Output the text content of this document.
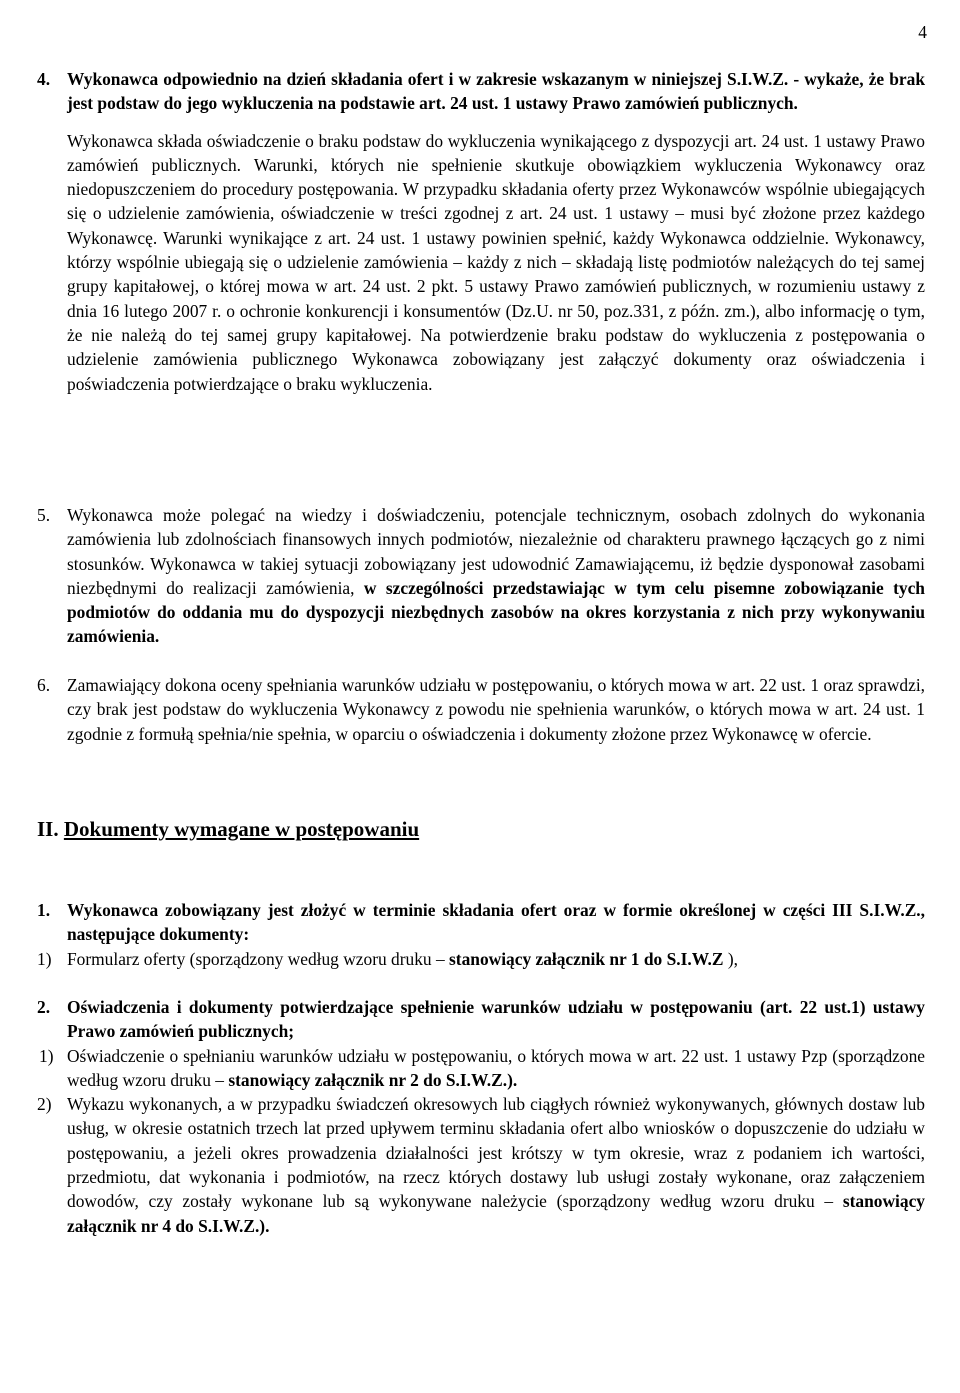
4
4. Wykonawca odpowiednio na dzień składania ofert i w zakresie wskazanym w niniejszej S.I.W.Z. - wykaże, że brak jest podstaw do jego wykluczenia na podstawie art. 24 ust. 1 ustawy Prawo zamówień publicznych.

Wykonawca składa oświadczenie o braku podstaw do wykluczenia wynikającego z dyspozycji art. 24 ust. 1 ustawy Prawo zamówień publicznych. Warunki, których nie spełnienie skutkuje obowiązkiem wykluczenia Wykonawcy oraz niedopuszczeniem do procedury postępowania. W przypadku składania oferty przez Wykonawców wspólnie ubiegających się o udzielenie zamówienia, oświadczenie w treści zgodnej z art. 24 ust. 1 ustawy – musi być złożone przez każdego Wykonawcę. Warunki wynikające z art. 24 ust. 1 ustawy powinien spełnić, każdy Wykonawca oddzielnie. Wykonawcy, którzy wspólnie ubiegają się o udzielenie zamówienia – każdy z nich – składają listę podmiotów należących do tej samej grupy kapitałowej, o której mowa w art. 24 ust. 2 pkt. 5 ustawy Prawo zamówień publicznych, w rozumieniu ustawy z dnia 16 lutego 2007 r. o ochronie konkurencji i konsumentów (Dz.U. nr 50, poz.331, z późn. zm.), albo informację o tym, że nie należą do tej samej grupy kapitałowej. Na potwierdzenie braku podstaw do wykluczenia z postępowania o udzielenie zamówienia publicznego Wykonawca zobowiązany jest załączyć dokumenty oraz oświadczenia i poświadczenia potwierdzające o braku wykluczenia.

5. Wykonawca może polegać na wiedzy i doświadczeniu, potencjale technicznym, osobach zdolnych do wykonania zamówienia lub zdolnościach finansowych innych podmiotów, niezależnie od charakteru prawnego łączących go z nimi stosunków. Wykonawca w takiej sytuacji zobowiązany jest udowodnić Zamawiającemu, iż będzie dysponował zasobami niezbędnymi do realizacji zamówienia, w szczególności przedstawiając w tym celu pisemne zobowiązanie tych podmiotów do oddania mu do dyspozycji niezbędnych zasobów na okres korzystania z nich przy wykonywaniu zamówienia.

6. Zamawiający dokona oceny spełniania warunków udziału w postępowaniu, o których mowa w art. 22 ust. 1 oraz sprawdzi, czy brak jest podstaw do wykluczenia Wykonawcy z powodu nie spełnienia warunków, o których mowa w art. 24 ust. 1 zgodnie z formułą spełnia/nie spełnia, w oparciu o oświadczenia i dokumenty złożone przez Wykonawcę w ofercie.

II. Dokumenty wymagane w postępowaniu
1. Wykonawca zobowiązany jest złożyć w terminie składania ofert oraz w formie określonej w części III S.I.W.Z., następujące dokumenty:

1) Formularz oferty (sporządzony według wzoru druku – stanowiący załącznik nr 1 do S.I.W.Z ),

2. Oświadczenia i dokumenty potwierdzające spełnienie warunków udziału w postępowaniu (art. 22 ust.1) ustawy Prawo zamówień publicznych;

1) Oświadczenie o spełnianiu warunków udziału w postępowaniu, o których mowa w art. 22 ust. 1 ustawy Pzp (sporządzone według wzoru druku – stanowiący załącznik nr 2 do S.I.W.Z.).

2) Wykazu wykonanych, a w przypadku świadczeń okresowych lub ciągłych również wykonywanych, głównych dostaw lub usług, w okresie ostatnich trzech lat przed upływem terminu składania ofert albo wniosków o dopuszczenie do udziału w postępowaniu, a jeżeli okres prowadzenia działalności jest krótszy w tym okresie, wraz z podaniem ich wartości, przedmiotu, dat wykonania i podmiotów, na rzecz których dostawy lub usługi zostały wykonane, oraz załączeniem dowodów, czy zostały wykonane lub są wykonywane należycie (sporządzony według wzoru druku – stanowiący załącznik nr 4 do S.I.W.Z.).
